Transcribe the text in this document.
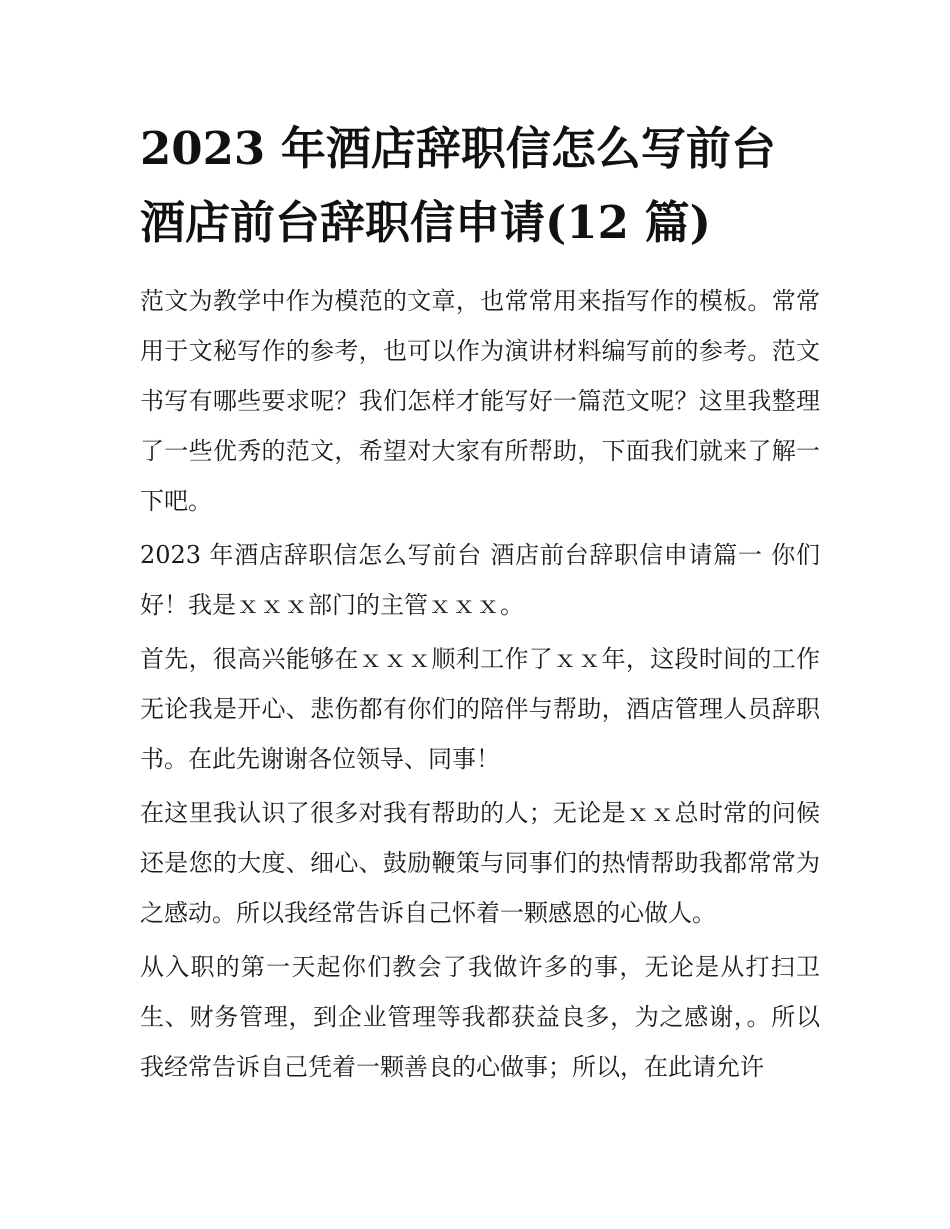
2023 年酒店辞职信怎么写前台 酒店前台辞职信申请(12 篇)

范文为教学中作为模范的文章，也常常用来指写作的模板。常常用于文秘写作的参考，也可以作为演讲材料编写前的参考。范文书写有哪些要求呢？我们怎样才能写好一篇范文呢？这里我整理了一些优秀的范文，希望对大家有所帮助，下面我们就来了解一下吧。

2023 年酒店辞职信怎么写前台 酒店前台辞职信申请篇一 你们好！我是ｘｘｘ部门的主管ｘｘｘ。

首先，很高兴能够在ｘｘｘ顺利工作了ｘｘ年，这段时间的工作无论我是开心、悲伤都有你们的陪伴与帮助，酒店管理人员辞职书。在此先谢谢各位领导、同事！

在这里我认识了很多对我有帮助的人；无论是ｘｘ总时常的问候还是您的大度、细心、鼓励鞭策与同事们的热情帮助我都常常为之感动。所以我经常告诉自己怀着一颗感恩的心做人。

从入职的第一天起你们教会了我做许多的事，无论是从打扫卫生、财务管理，到企业管理等我都获益良多，为之感谢，。所以我经常告诉自己凭着一颗善良的心做事；所以，在此请允许
